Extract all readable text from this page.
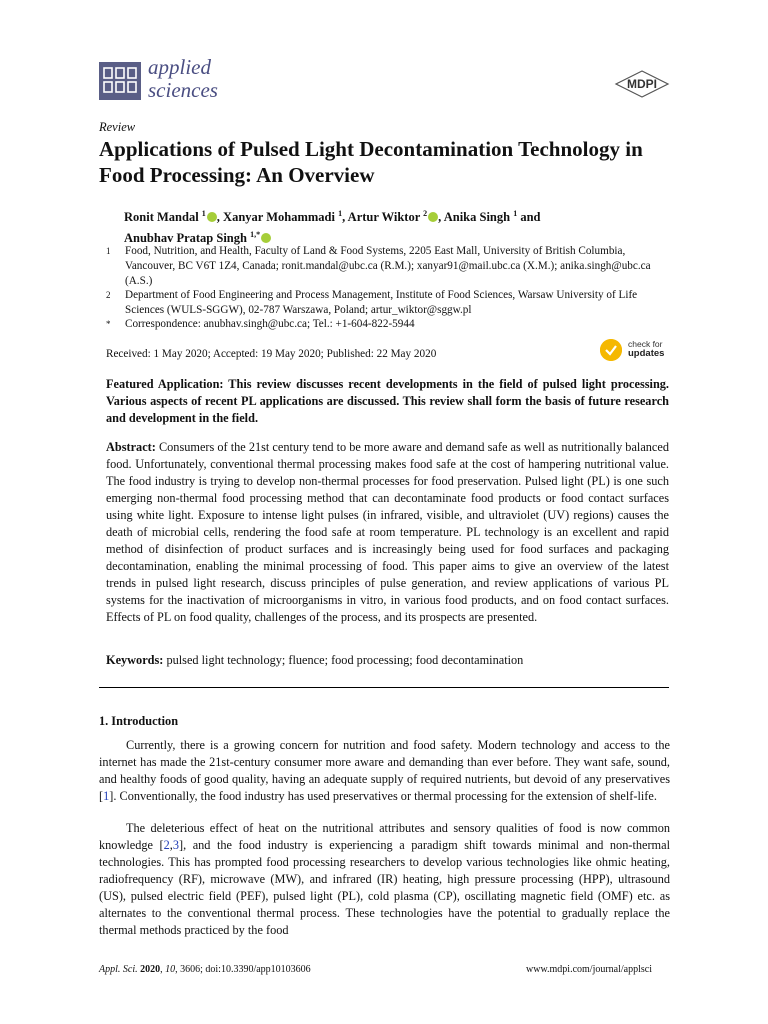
applied
sciences	MDPI
Review
Applications of Pulsed Light Decontamination Technology in Food Processing: An Overview
Ronit Mandal $^1$ , Xanyar Mohammadi $^1$, Artur Wiktor $^2$ , Anika Singh $^1$ and
Anubhav Pratap Singh $^{1,*}$
1	Food, Nutrition, and Health, Faculty of Land & Food Systems, 2205 East Mall, University of British Columbia, Vancouver, BC V6T 1Z4, Canada; ronit.mandal@ubc.ca (R.M.); xanyar91@mail.ubc.ca (X.M.); anika.singh@ubc.ca (A.S.)
2	Department of Food Engineering and Process Management, Institute of Food Sciences, Warsaw University of Life Sciences (WULS-SGGW), 02-787 Warszawa, Poland; artur_wiktor@sggw.pl
*	Correspondence: anubhav.singh@ubc.ca; Tel.: +1-604-822-5944
Received: 1 May 2020; Accepted: 19 May 2020; Published: 22 May 2020
check for
updates
Featured Application: This review discusses recent developments in the field of pulsed light processing. Various aspects of recent PL applications are discussed. This review shall form the basis of future research and development in the field.
Abstract: Consumers of the 21st century tend to be more aware and demand safe as well as nutritionally balanced food. Unfortunately, conventional thermal processing makes food safe at the cost of hampering nutritional value. The food industry is trying to develop non-thermal processes for food preservation. Pulsed light (PL) is one such emerging non-thermal food processing method that can decontaminate food products or food contact surfaces using white light. Exposure to intense light pulses (in infrared, visible, and ultraviolet (UV) regions) causes the death of microbial cells, rendering the food safe at room temperature. PL technology is an excellent and rapid method of disinfection of product surfaces and is increasingly being used for food surfaces and packaging decontamination, enabling the minimal processing of food. This paper aims to give an overview of the latest trends in pulsed light research, discuss principles of pulse generation, and review applications of various PL systems for the inactivation of microorganisms in vitro, in various food products, and on food contact surfaces. Effects of PL on food quality, challenges of the process, and its prospects are presented.
Keywords: pulsed light technology; fluence; food processing; food decontamination
1. Introduction
Currently, there is a growing concern for nutrition and food safety. Modern technology and access to the internet has made the 21st-century consumer more aware and demanding than ever before. They want safe, sound, and healthy foods of good quality, having an adequate supply of required nutrients, but devoid of any preservatives [1]. Conventionally, the food industry has used preservatives or thermal processing for the extension of shelf-life.
The deleterious effect of heat on the nutritional attributes and sensory qualities of food is now common knowledge [2,3], and the food industry is experiencing a paradigm shift towards minimal and non-thermal technologies. This has prompted food processing researchers to develop various technologies like ohmic heating, radiofrequency (RF), microwave (MW), and infrared (IR) heating, high pressure processing (HPP), ultrasound (US), pulsed electric field (PEF), pulsed light (PL), cold plasma (CP), oscillating magnetic field (OMF) etc. as alternates to the conventional thermal process. These technologies have the potential to gradually replace the thermal methods practiced by the food
Appl. Sci. 2020, 10, 3606; doi:10.3390/app10103606	www.mdpi.com/journal/applsci
